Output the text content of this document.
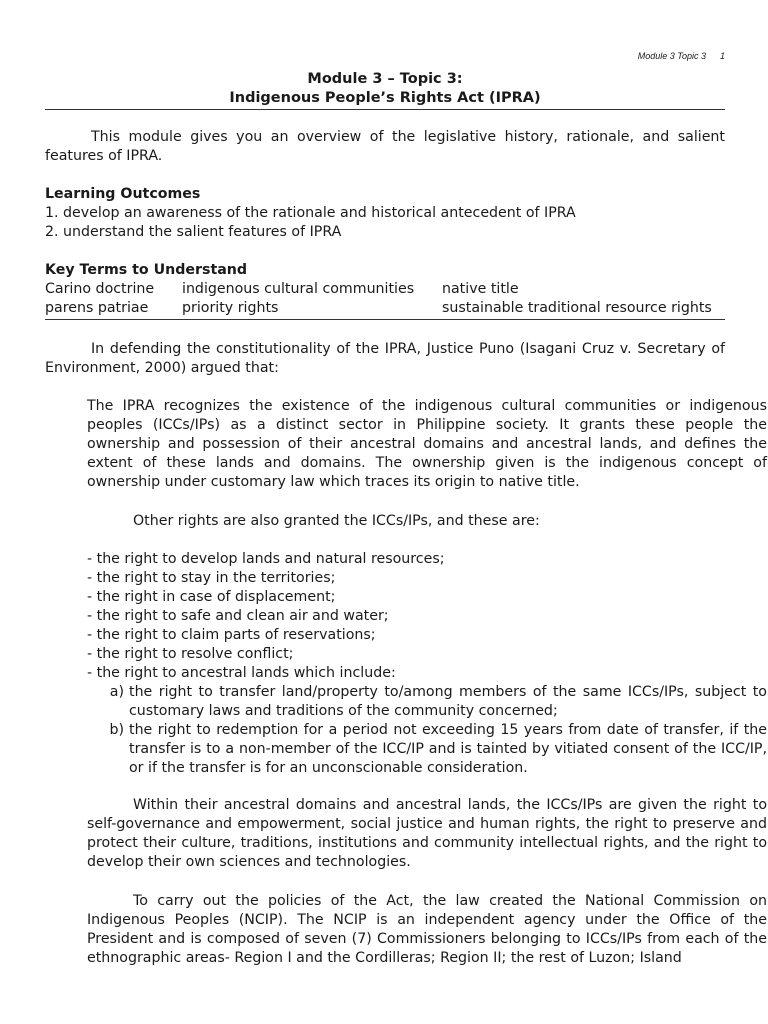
Module 3 Topic 3 1
Module 3 – Topic 3:
Indigenous People’s Rights Act (IPRA)

This module gives you an overview of the legislative history, rationale, and salient features of IPRA.

Learning Outcomes
1. develop an awareness of the rationale and historical antecedent of IPRA
2. understand the salient features of IPRA
Key Terms to Understand
Carino doctrine	indigenous cultural communities	native title
parens patriae	priority rights	sustainable traditional resource rights

In defending the constitutionality of the IPRA, Justice Puno (Isagani Cruz v. Secretary of Environment, 2000) argued that:

The IPRA recognizes the existence of the indigenous cultural communities or indigenous peoples (ICCs/IPs) as a distinct sector in Philippine society. It grants these people the ownership and possession of their ancestral domains and ancestral lands, and defines the extent of these lands and domains. The ownership given is the indigenous concept of ownership under customary law which traces its origin to native title.

Other rights are also granted the ICCs/IPs, and these are:

- the right to develop lands and natural resources;
- the right to stay in the territories;
- the right in case of displacement;
- the right to safe and clean air and water;
- the right to claim parts of reservations;
- the right to resolve conflict;
- the right to ancestral lands which include:
a) the right to transfer land/property to/among members of the same ICCs/IPs, subject to customary laws and traditions of the community concerned;
b) the right to redemption for a period not exceeding 15 years from date of transfer, if the transfer is to a non-member of the ICC/IP and is tainted by vitiated consent of the ICC/IP, or if the transfer is for an unconscionable consideration.

Within their ancestral domains and ancestral lands, the ICCs/IPs are given the right to self-governance and empowerment, social justice and human rights, the right to preserve and protect their culture, traditions, institutions and community intellectual rights, and the right to develop their own sciences and technologies.

To carry out the policies of the Act, the law created the National Commission on Indigenous Peoples (NCIP). The NCIP is an independent agency under the Office of the President and is composed of seven (7) Commissioners belonging to ICCs/IPs from each of the ethnographic areas- Region I and the Cordilleras; Region II; the rest of Luzon; Island
